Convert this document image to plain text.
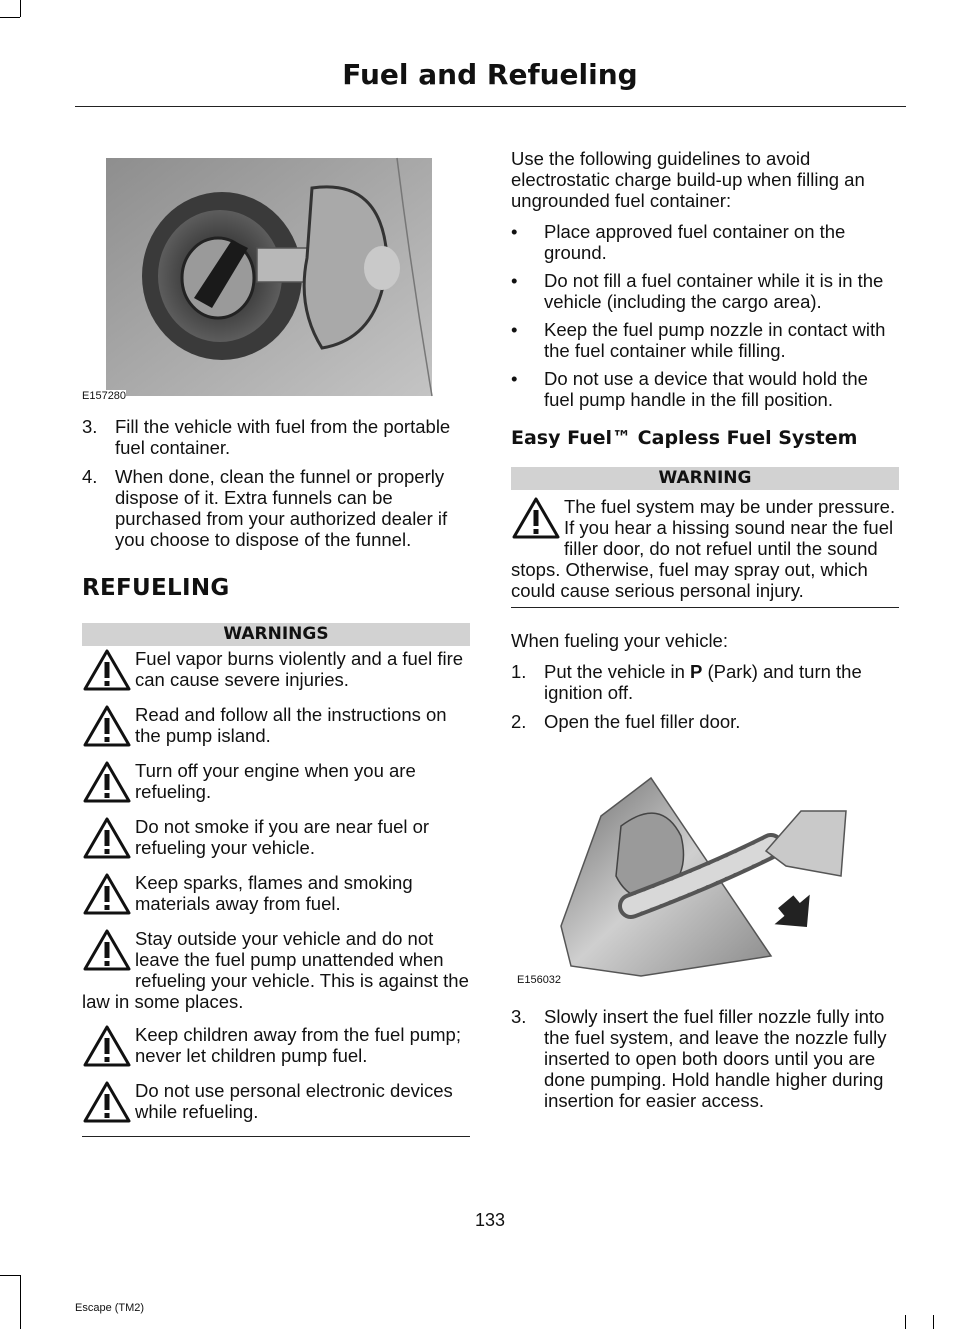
Fuel and Refueling
E157280
3. Fill the vehicle with fuel from the portable fuel container.
4. When done, clean the funnel or properly dispose of it. Extra funnels can be purchased from your authorized dealer if you choose to dispose of the funnel.
REFUELING
WARNINGS

Fuel vapor burns violently and a fuel fire can cause severe injuries.

Read and follow all the instructions on the pump island.

Turn off your engine when you are refueling.

Do not smoke if you are near fuel or refueling your vehicle.

Keep sparks, flames and smoking materials away from fuel.

Stay outside your vehicle and do not leave the fuel pump unattended when refueling your vehicle. This is against the law in some places.

Keep children away from the fuel pump; never let children pump fuel.

Do not use personal electronic devices while refueling.

Use the following guidelines to avoid electrostatic charge build-up when filling an ungrounded fuel container:

• Place approved fuel container on the ground.
• Do not fill a fuel container while it is in the vehicle (including the cargo area).
• Keep the fuel pump nozzle in contact with the fuel container while filling.
• Do not use a device that would hold the fuel pump handle in the fill position.
Easy Fuel™ Capless Fuel System
WARNING

The fuel system may be under pressure. If you hear a hissing sound near the fuel filler door, do not refuel until the sound stops. Otherwise, fuel may spray out, which could cause serious personal injury.

When fueling your vehicle:

1. Put the vehicle in P (Park) and turn the ignition off.
2. Open the fuel filler door.
E156032
3. Slowly insert the fuel filler nozzle fully into the fuel system, and leave the nozzle fully inserted to open both doors until you are done pumping. Hold handle higher during insertion for easier access.
133
Escape (TM2)
